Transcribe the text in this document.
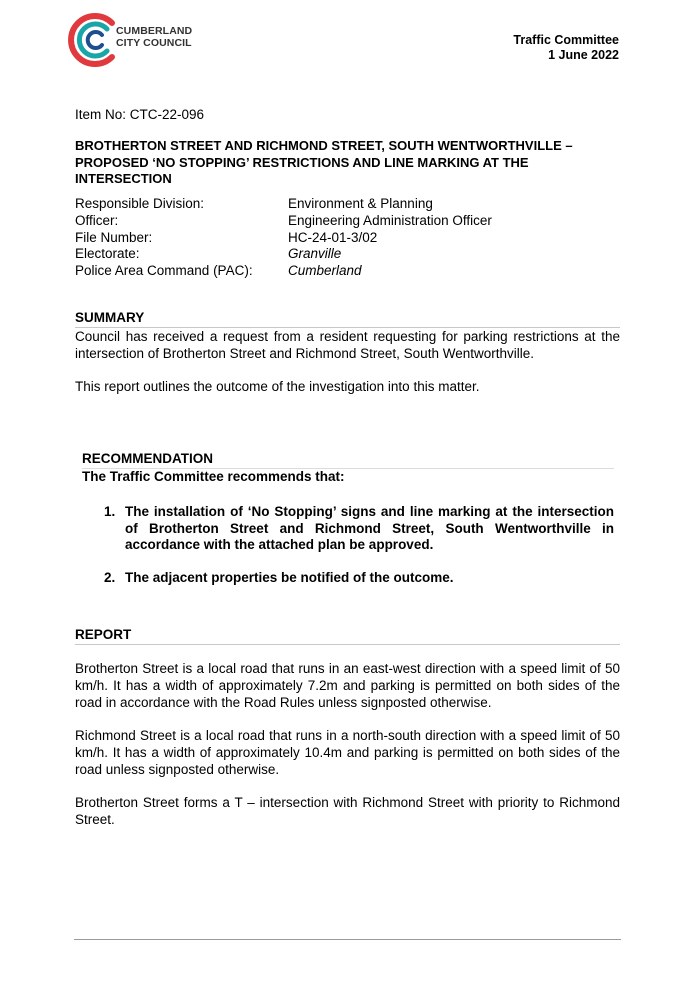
CUMBERLAND
CITY COUNCIL	Traffic Committee
1 June 2022
Item No: CTC-22-096
BROTHERTON STREET AND RICHMOND STREET, SOUTH WENTWORTHVILLE – PROPOSED ‘NO STOPPING’ RESTRICTIONS AND LINE MARKING AT THE INTERSECTION
Responsible Division:	Environment & Planning
Officer:	Engineering Administration Officer
File Number:	HC-24-01-3/02
Electorate:	Granville
Police Area Command (PAC):	Cumberland
SUMMARY
Council has received a request from a resident requesting for parking restrictions at the intersection of Brotherton Street and Richmond Street, South Wentworthville.
This report outlines the outcome of the investigation into this matter.
RECOMMENDATION
The Traffic Committee recommends that:
1. The installation of ‘No Stopping’ signs and line marking at the intersection of Brotherton Street and Richmond Street, South Wentworthville in accordance with the attached plan be approved.
2. The adjacent properties be notified of the outcome.
REPORT
Brotherton Street is a local road that runs in an east-west direction with a speed limit of 50 km/h. It has a width of approximately 7.2m and parking is permitted on both sides of the road in accordance with the Road Rules unless signposted otherwise.
Richmond Street is a local road that runs in a north-south direction with a speed limit of 50 km/h. It has a width of approximately 10.4m and parking is permitted on both sides of the road unless signposted otherwise.
Brotherton Street forms a T – intersection with Richmond Street with priority to Richmond Street.
